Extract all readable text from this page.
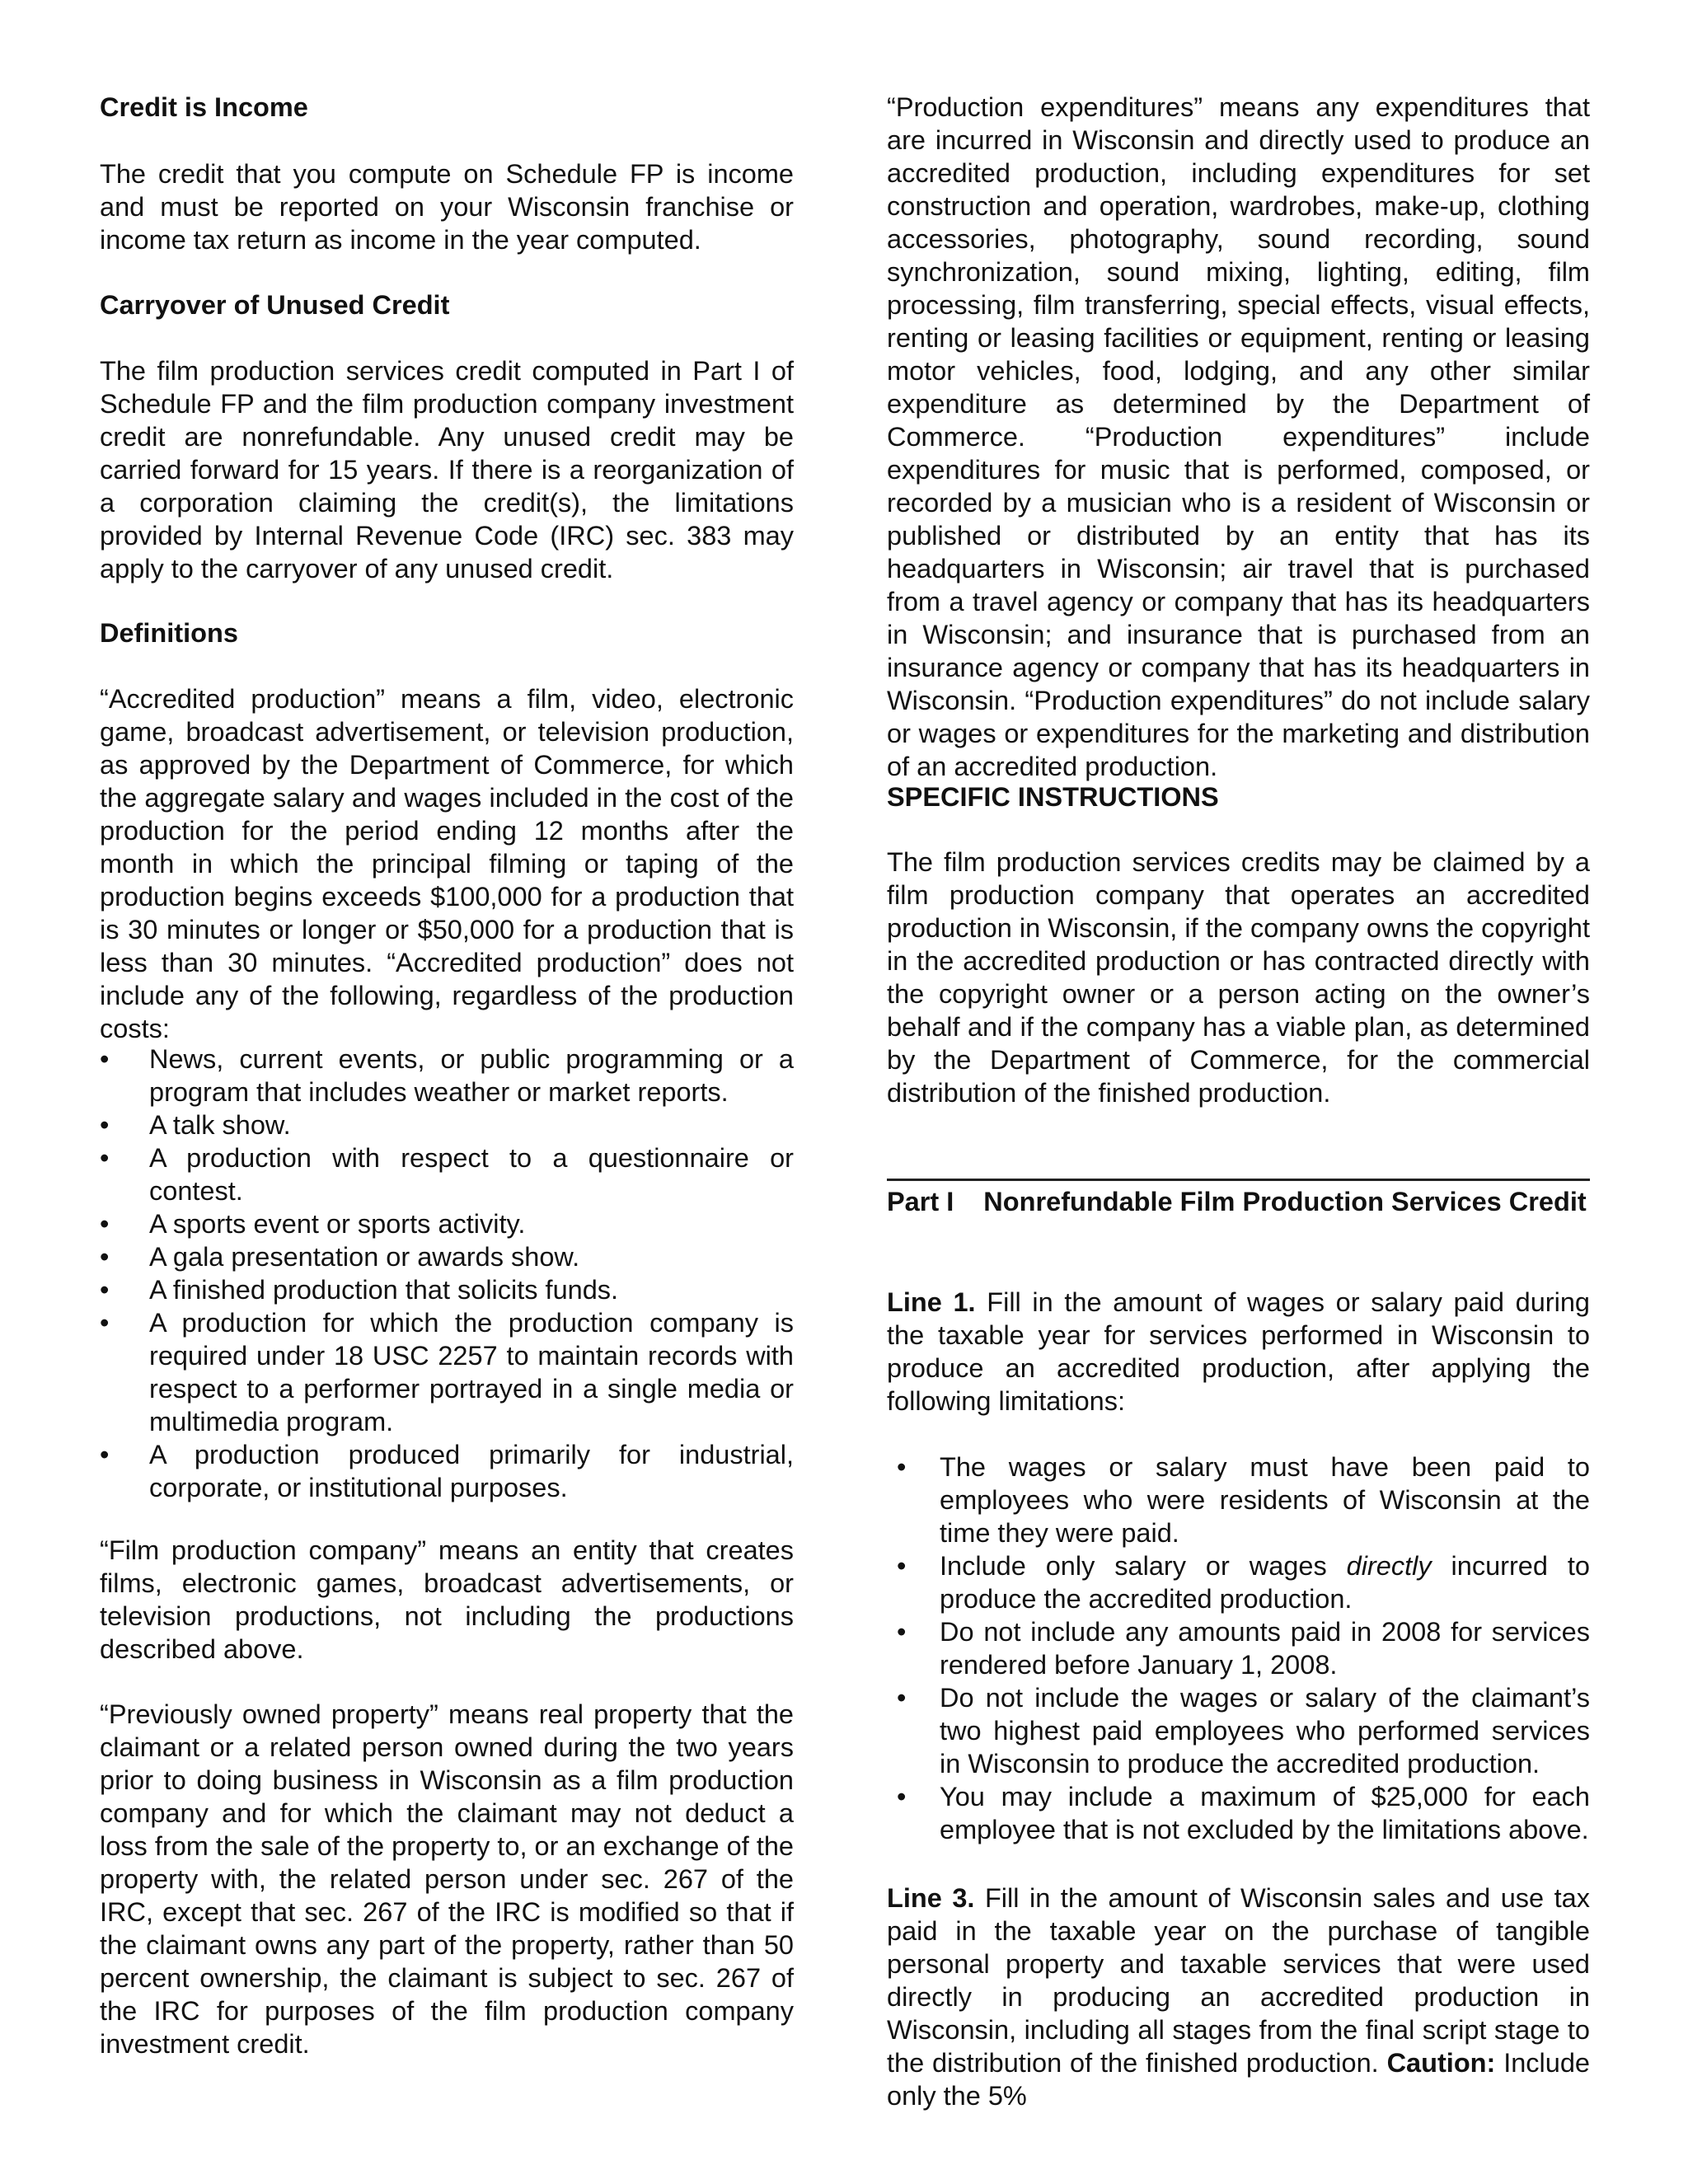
Credit is Income
The credit that you compute on Schedule FP is income and must be reported on your Wisconsin franchise or income tax return as income in the year computed.
Carryover of Unused Credit
The film production services credit computed in Part I of Schedule FP and the film production company investment credit are nonrefundable. Any unused credit may be carried forward for 15 years. If there is a reorganization of a corporation claiming the credit(s), the limitations provided by Internal Revenue Code (IRC) sec. 383 may apply to the carryover of any unused credit.
Definitions
“Accredited production” means a film, video, electronic game, broadcast advertisement, or television production, as approved by the Department of Commerce, for which the aggregate salary and wages included in the cost of the production for the period ending 12 months after the month in which the principal filming or taping of the production begins exceeds $100,000 for a production that is 30 minutes or longer or $50,000 for a production that is less than 30 minutes. “Accredited production” does not include any of the following, regardless of the production costs:
• News, current events, or public programming or a program that includes weather or market reports.
• A talk show.
• A production with respect to a questionnaire or contest.
• A sports event or sports activity.
• A gala presentation or awards show.
• A finished production that solicits funds.
• A production for which the production company is required under 18 USC 2257 to maintain records with respect to a performer portrayed in a single media or multimedia program.
• A production produced primarily for industrial, corporate, or institutional purposes.
“Film production company” means an entity that creates films, electronic games, broadcast advertisements, or television productions, not including the productions described above.
“Previously owned property” means real property that the claimant or a related person owned during the two years prior to doing business in Wisconsin as a film production company and for which the claimant may not deduct a loss from the sale of the property to, or an exchange of the property with, the related person under sec. 267 of the IRC, except that sec. 267 of the IRC is modified so that if the claimant owns any part of the property, rather than 50 percent ownership, the claimant is subject to sec. 267 of the IRC for purposes of the film production company investment credit.
“Production expenditures” means any expenditures that are incurred in Wisconsin and directly used to produce an accredited production, including expenditures for set construction and operation, wardrobes, make-up, clothing accessories, photography, sound recording, sound synchronization, sound mixing, lighting, editing, film processing, film transferring, special effects, visual effects, renting or leasing facilities or equipment, renting or leasing motor vehicles, food, lodging, and any other similar expenditure as determined by the Department of Commerce. “Production expenditures” include expenditures for music that is performed, composed, or recorded by a musician who is a resident of Wisconsin or published or distributed by an entity that has its headquarters in Wisconsin; air travel that is purchased from a travel agency or company that has its headquarters in Wisconsin; and insurance that is purchased from an insurance agency or company that has its headquarters in Wisconsin. “Production expenditures” do not include salary or wages or expenditures for the marketing and distribution of an accredited production.
SPECIFIC INSTRUCTIONS
The film production services credits may be claimed by a film production company that operates an accredited production in Wisconsin, if the company owns the copyright in the accredited production or has contracted directly with the copyright owner or a person acting on the owner’s behalf and if the company has a viable plan, as determined by the Department of Commerce, for the commercial distribution of the finished production.
Part I Nonrefundable Film Production Services Credit
Line 1. Fill in the amount of wages or salary paid during the taxable year for services performed in Wisconsin to produce an accredited production, after applying the following limitations:
• The wages or salary must have been paid to employees who were residents of Wisconsin at the time they were paid.
• Include only salary or wages directly incurred to produce the accredited production.
• Do not include any amounts paid in 2008 for services rendered before January 1, 2008.
• Do not include the wages or salary of the claimant’s two highest paid employees who performed services in Wisconsin to produce the accredited production.
• You may include a maximum of $25,000 for each employee that is not excluded by the limitations above.
Line 3. Fill in the amount of Wisconsin sales and use tax paid in the taxable year on the purchase of tangible personal property and taxable services that were used directly in producing an accredited production in Wisconsin, including all stages from the final script stage to the distribution of the finished production. Caution: Include only the 5%
